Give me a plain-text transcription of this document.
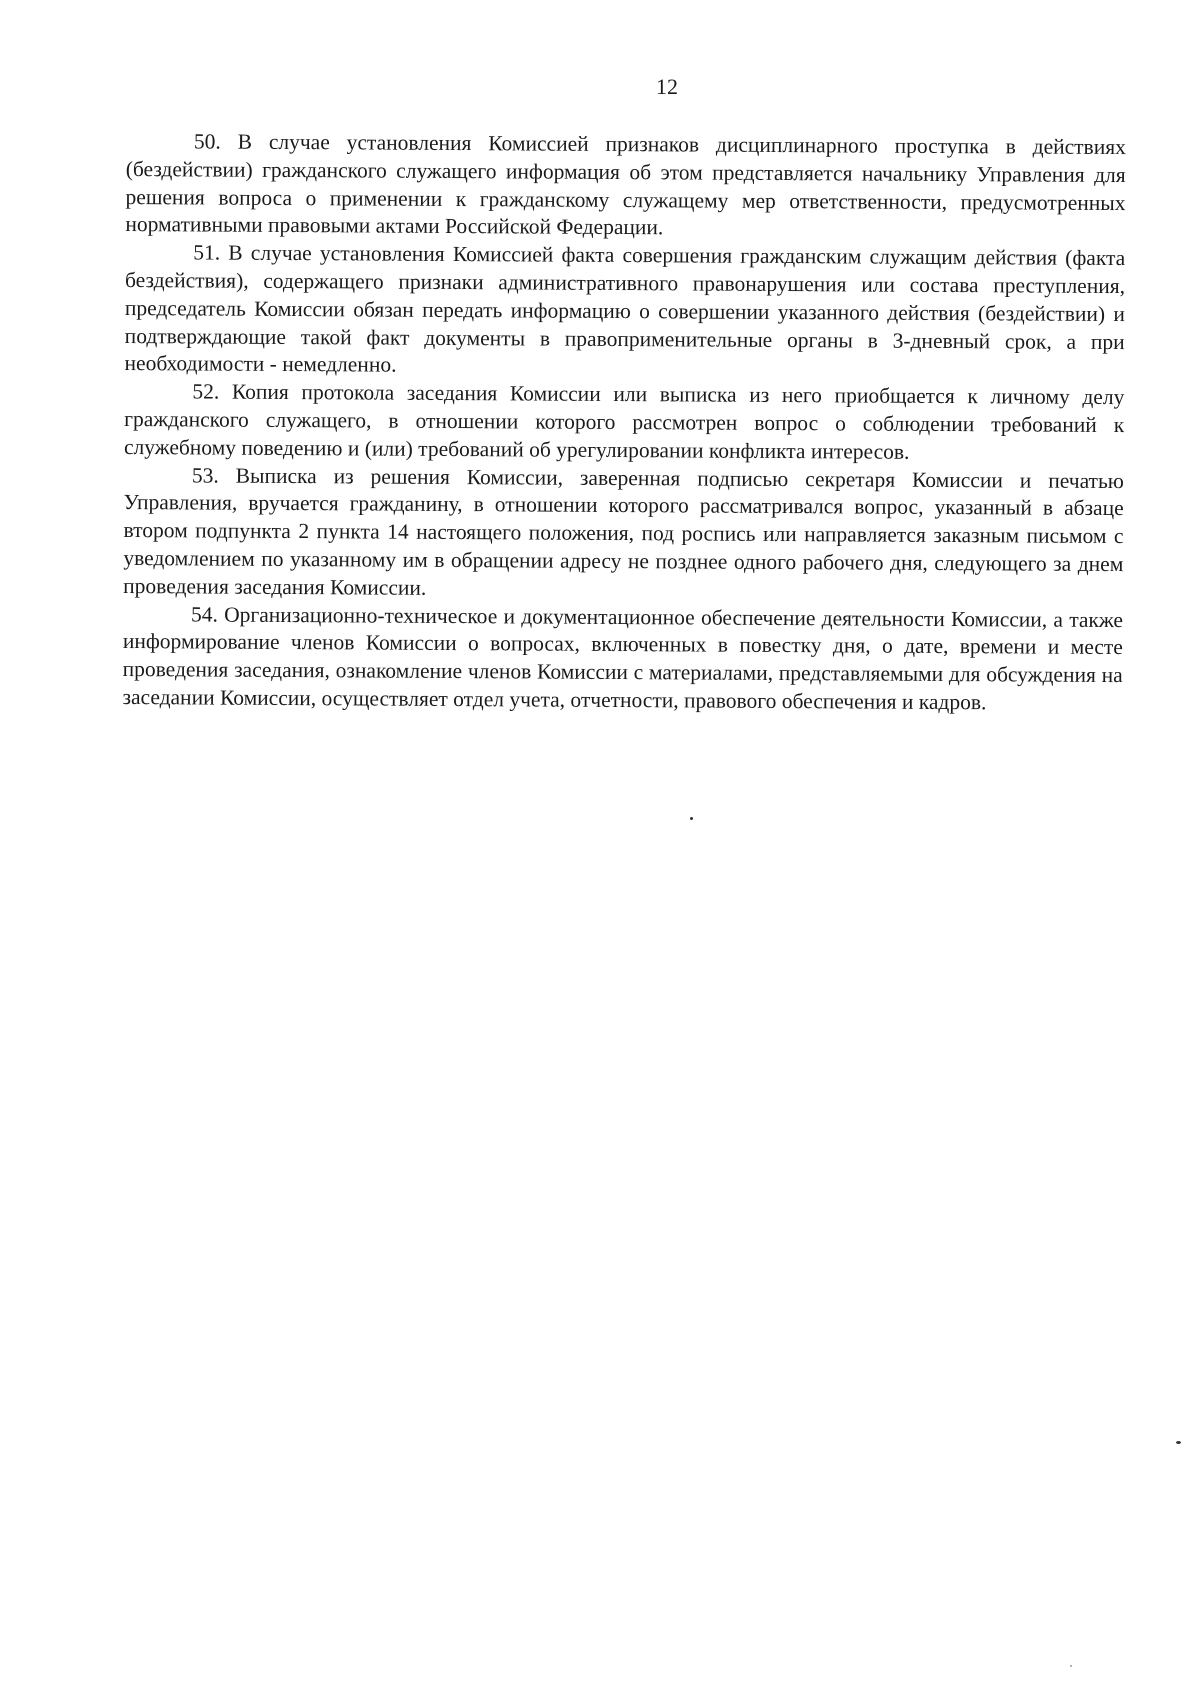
12

50. В случае установления Комиссией признаков дисциплинарного проступка в действиях (бездействии) гражданского служащего информация об этом представляется начальнику Управления для решения вопроса о применении к гражданскому служащему мер ответственности, предусмотренных нормативными правовыми актами Российской Федерации.

51. В случае установления Комиссией факта совершения гражданским служащим действия (факта бездействия), содержащего признаки административного правонарушения или состава преступления, председатель Комиссии обязан передать информацию о совершении указанного действия (бездействии) и подтверждающие такой факт документы в правоприменительные органы в 3-дневный срок, а при необходимости - немедленно.

52. Копия протокола заседания Комиссии или выписка из него приобщается к личному делу гражданского служащего, в отношении которого рассмотрен вопрос о соблюдении требований к служебному поведению и (или) требований об урегулировании конфликта интересов.

53. Выписка из решения Комиссии, заверенная подписью секретаря Комиссии и печатью Управления, вручается гражданину, в отношении которого рассматривался вопрос, указанный в абзаце втором подпункта 2 пункта 14 настоящего положения, под роспись или направляется заказным письмом с уведомлением по указанному им в обращении адресу не позднее одного рабочего дня, следующего за днем проведения заседания Комиссии.

54. Организационно-техническое и документационное обеспечение деятельности Комиссии, а также информирование членов Комиссии о вопросах, включенных в повестку дня, о дате, времени и месте проведения заседания, ознакомление членов Комиссии с материалами, представляемыми для обсуждения на заседании Комиссии, осуществляет отдел учета, отчетности, правового обеспечения и кадров.
